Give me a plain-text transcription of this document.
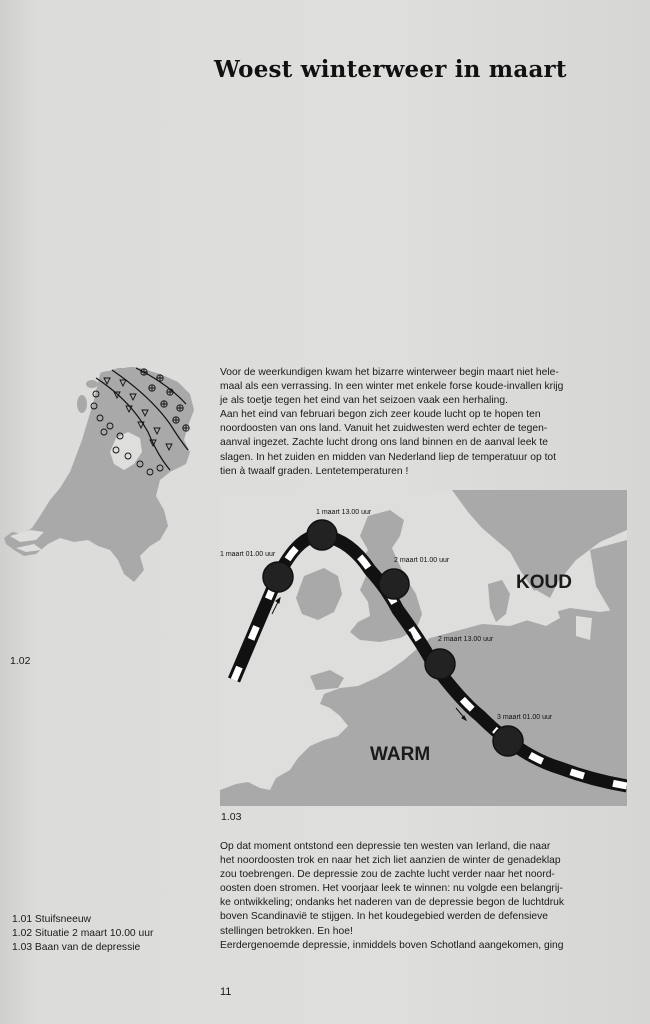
Woest winterweer in maart
1.02

Voor de weerkundigen kwam het bizarre winterweer begin maart niet hele-

maal als een verrassing. In een winter met enkele forse koude-invallen krijg

je als toetje tegen het eind van het seizoen vaak een herhaling.

Aan het eind van februari begon zich zeer koude lucht op te hopen ten

noordoosten van ons land. Vanuit het zuidwesten werd echter de tegen-

aanval ingezet. Zachte lucht drong ons land binnen en de aanval leek te

slagen. In het zuiden en midden van Nederland liep de temperatuur op tot

tien à twaalf graden. Lentetemperaturen !

1 maart 01.00 uur
1 maart 13.00 uur
2 maart 01.00 uur
2 maart 13.00 uur
3 maart 01.00 uur
KOUD
WARM
1.03

Op dat moment ontstond een depressie ten westen van Ierland, die naar

het noordoosten trok en naar het zich liet aanzien de winter de genadeklap

zou toebrengen. De depressie zou de zachte lucht verder naar het noord-

oosten doen stromen. Het voorjaar leek te winnen: nu volgde een belangrij-

ke ontwikkeling; ondanks het naderen van de depressie begon de luchtdruk

boven Scandinavië te stijgen. In het koudegebied werden de defensieve

stellingen betrokken. En hoe!

Eerdergenoemde depressie, inmiddels boven Schotland aangekomen, ging

1.01 Stuifsneeuw
1.02 Situatie 2 maart 10.00 uur
1.03 Baan van de depressie
11
